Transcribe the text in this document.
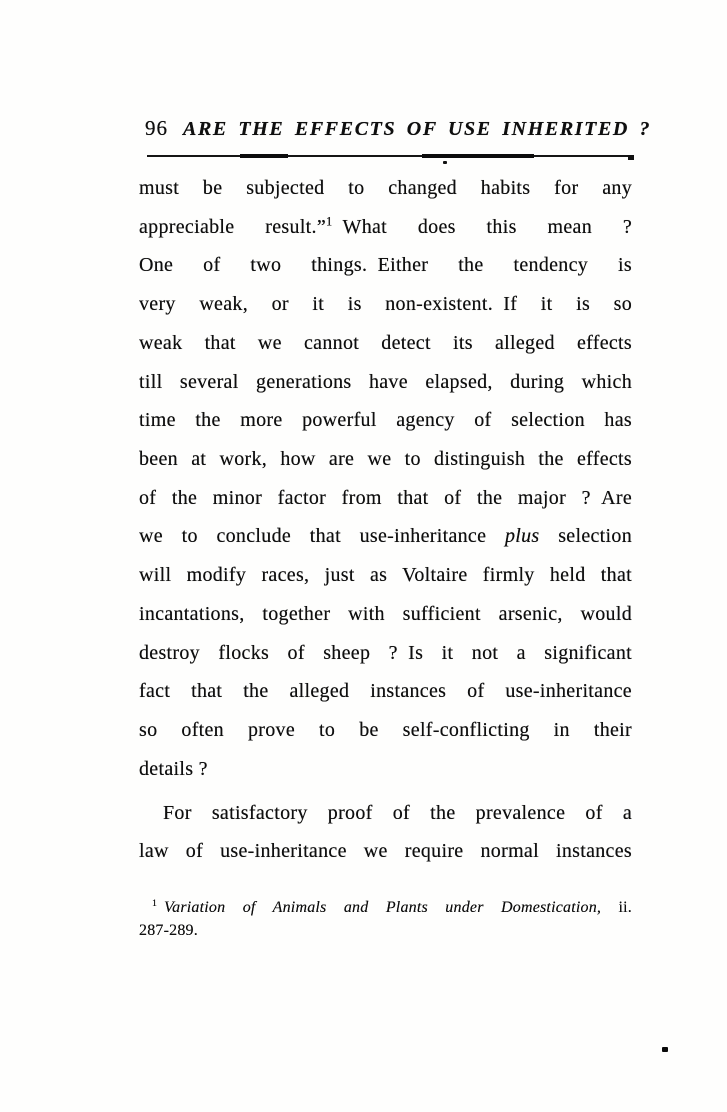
96 ARE THE EFFECTS OF USE INHERITED ?
must be subjected to changed habits for any
appreciable result.”$^1$ What does this mean ?
One of two things. Either the tendency is
very weak, or it is non-existent. If it is so
weak that we cannot detect its alleged effects
till several generations have elapsed, during which
time the more powerful agency of selection has
been at work, how are we to distinguish the effects
of the minor factor from that of the major ? Are
we to conclude that use-inheritance plus selection
will modify races, just as Voltaire firmly held that
incantations, together with sufficient arsenic, would
destroy flocks of sheep ? Is it not a significant
fact that the alleged instances of use-inheritance
so often prove to be self-conflicting in their
details ?
For satisfactory proof of the prevalence of a
law of use-inheritance we require normal instances
$^1$ Variation of Animals and Plants under Domestication, ii.
287-289.
